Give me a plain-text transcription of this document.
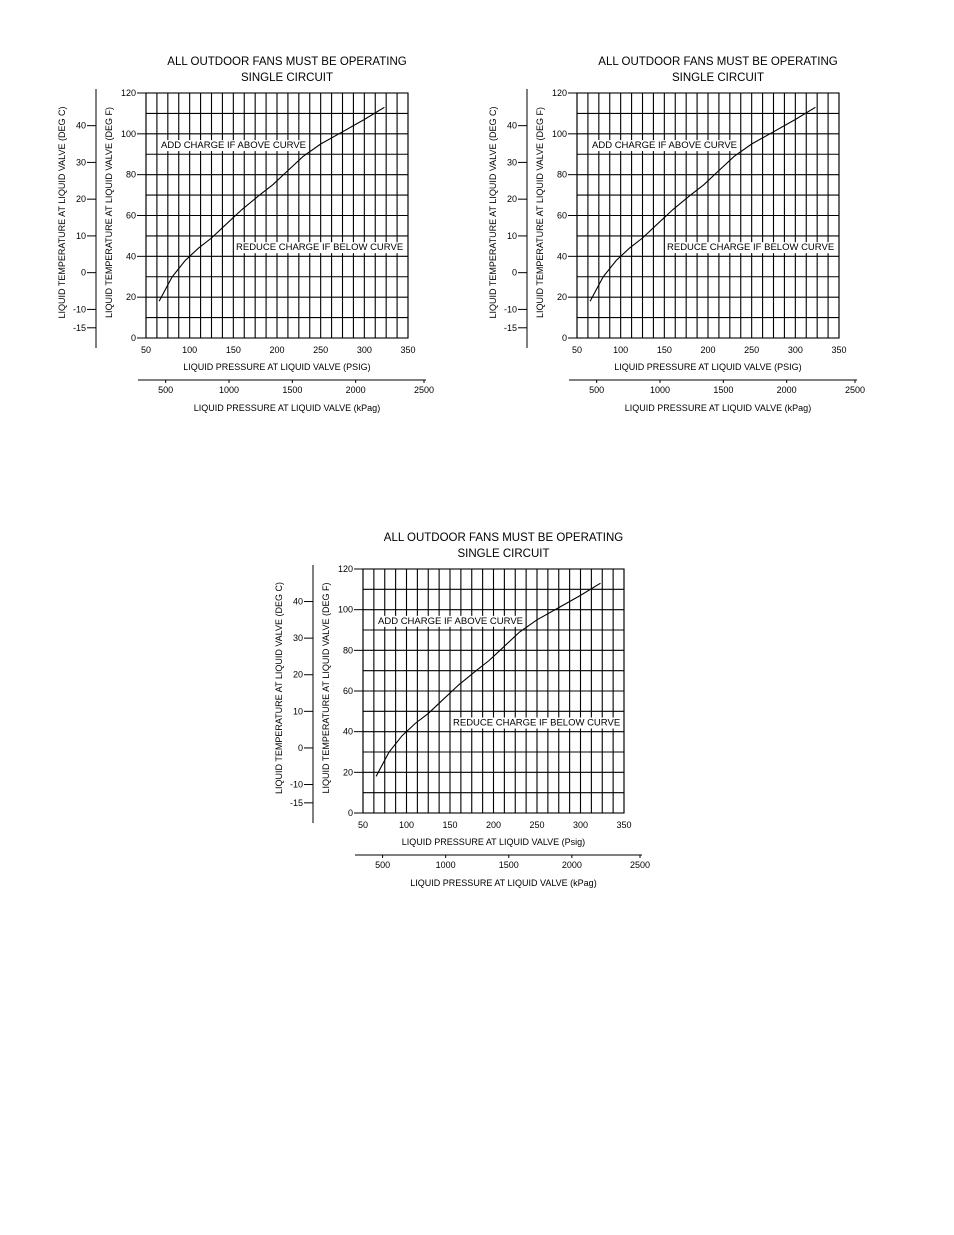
ALL OUTDOOR FANS MUST BE OPERATING
SINGLE CIRCUIT
50	100	150	200	250	300	350
LIQUID PRESSURE AT LIQUID VALVE (PSIG)
500	1000	1500	2000	2500
LIQUID PRESSURE AT LIQUID VALVE (kPag)
0
20
40
60
80
100
120
LIQUID TEMPERATURE AT LIQUID VALVE (DEG F)
40
30
20
10
0
-10
-15
LIQUID TEMPERATURE AT LIQUID VALVE (DEG C)	ADD CHARGE IF ABOVE CURVE
REDUCE CHARGE IF BELOW CURVE
ALL OUTDOOR FANS MUST BE OPERATING
SINGLE CIRCUIT
50	100	150	200	250	300	350
LIQUID PRESSURE AT LIQUID VALVE (PSIG)
500	1000	1500	2000	2500
LIQUID PRESSURE AT LIQUID VALVE (kPag)
0
20
40
60
80
100
120
LIQUID TEMPERATURE AT LIQUID VALVE (DEG F)
40
30
20
10
0
-10
-15
LIQUID TEMPERATURE AT LIQUID VALVE (DEG C)	ADD CHARGE IF ABOVE CURVE
REDUCE CHARGE IF BELOW CURVE
ALL OUTDOOR FANS MUST BE OPERATING
SINGLE CIRCUIT
50	100	150	200	250	300	350
LIQUID PRESSURE AT LIQUID VALVE (Psig)
500	1000	1500	2000	2500
LIQUID PRESSURE AT LIQUID VALVE (kPag)
0
20
40
60
80
100
120
LIQUID TEMPERATURE AT LIQUID VALVE (DEG F)
40
30
20
10
0
-10
-15
LIQUID TEMPERATURE AT LIQUID VALVE (DEG C)	ADD CHARGE IF ABOVE CURVE
REDUCE CHARGE IF BELOW CURVE
